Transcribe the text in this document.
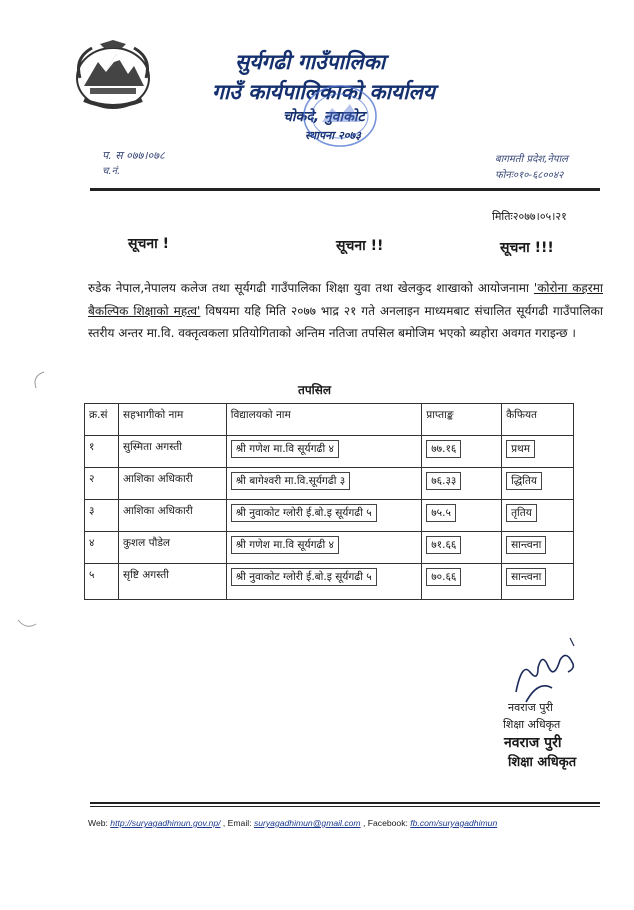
सुर्यगढी गाउँपालिका
गाउँ कार्यपालिकाको कार्यालय
चोकदे, नुवाकोट
स्थापना २०७३
प. स ०७७।०७८
च.नं.
बागमती प्रदेश,नेपाल
फोनः०१०-६८००४२
मितिः२०७७।०५।२१
सूचना !	सूचना !!	सूचना !!!
रुडेक नेपाल,नेपालय कलेज तथा सूर्यगढी गाउँपालिका शिक्षा युवा तथा खेलकुद शाखाको आयोजनामा 'कोरोना कहरमा बैकल्पिक शिक्षाको महत्व' विषयमा यहि मिति २०७७ भाद्र २१ गते अनलाइन माध्यमबाट संचालित सूर्यगढी गाउँपालिका स्तरीय अन्तर मा.वि. वक्तृत्वकला प्रतियोगिताको अन्तिम नतिजा तपसिल बमोजिम भएको ब्यहोरा अवगत गराइन्छ ।
तपसिल
क्र.सं	सहभागीको नाम	विद्यालयको नाम	प्राप्ताङ्क	कैफियत
१	सुस्मिता अगस्ती	श्री गणेश मा.वि सूर्यगढी ४	७७.१६	प्रथम
२	आशिका अधिकारी	श्री बागेश्वरी मा.वि.सूर्यगढी ३	७६.३३	द्धितिय
३	आशिका अधिकारी	श्री नुवाकोट ग्लोरी ई.बो.इ सूर्यगढी ५	७५.५	तृतिय
४	कुशल पौडेल	श्री गणेश मा.वि सूर्यगढी ४	७१.६६	सान्त्वना
५	सृष्टि अगस्ती	श्री नुवाकोट ग्लोरी ई.बो.इ सूर्यगढी ५	७०.६६	सान्त्वना
नवराज पुरी
शिक्षा अधिकृत
नवराज पुरी
शिक्षा अधिकृत
Web: http://suryagadhimun.gov.np/ , Email: suryagadhimun@gmail.com , Facebook: fb.com/suryagadhimun
